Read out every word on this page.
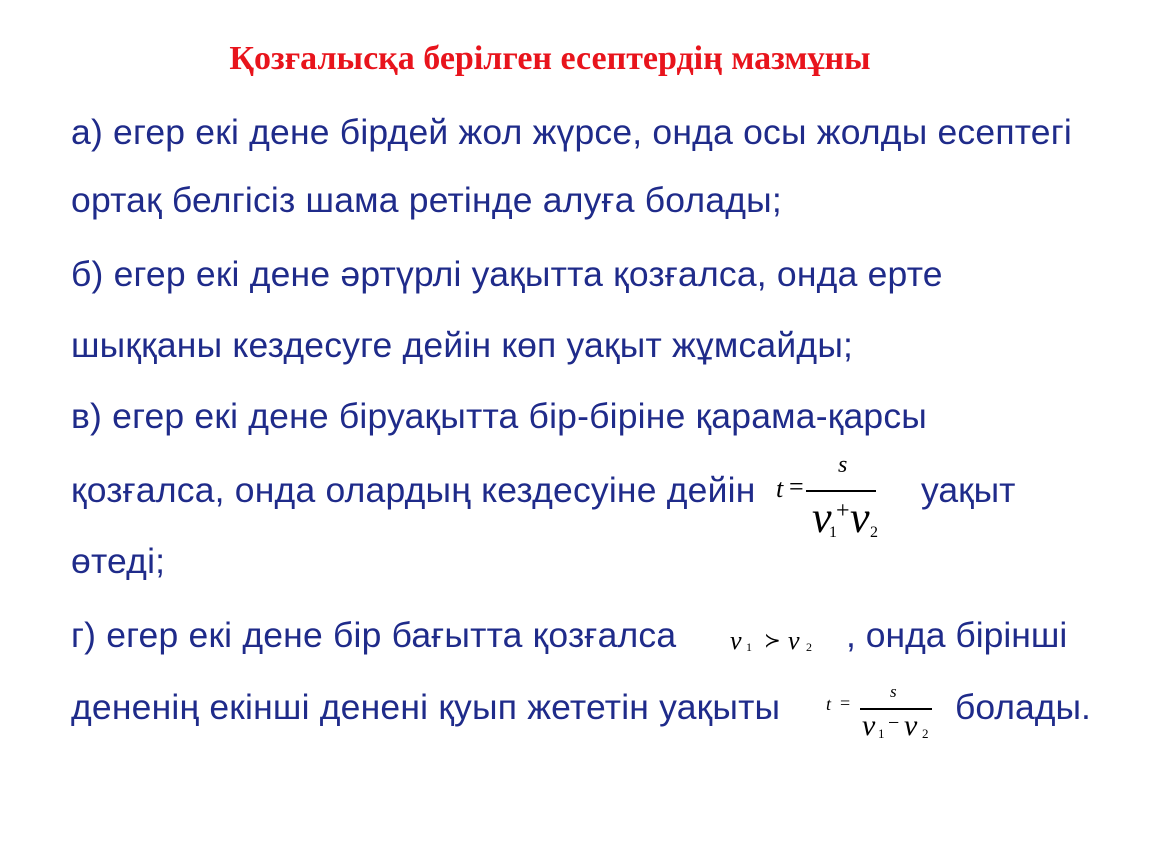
Қозғалысқа берілген есептердің мазмұны
а) егер екі дене бірдей жол жүрсе, онда осы жолды есептегі
ортақ белгісіз шама ретінде алуға болады;
б) егер екі дене әртүрлі уақытта қозғалса, онда ерте
шыққаны кездесуге дейін көп уақыт жұмсайды;
в) егер екі дене біруақытта бір-біріне қарама-қарсы
қозғалса, онда олардың кездесуіне дейін	уақыт
t =
s
v 1
+ v 2
өтеді;
г) егер екі дене бір бағытта қозғалса v 1 ≻ v 2 , онда бірінші
дененің екінші денені қуып жететін уақыты	t =
s
v 1 − v 2
болады.
